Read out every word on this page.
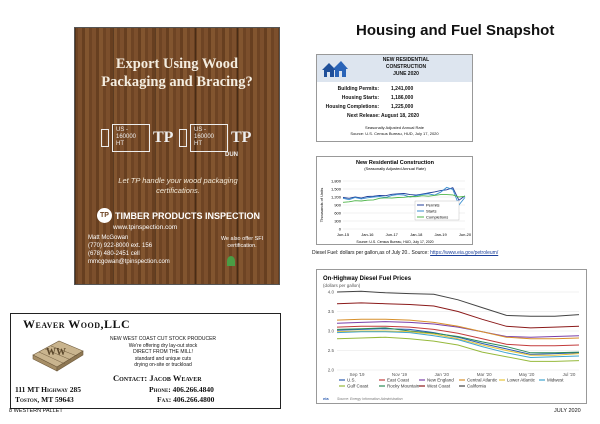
Housing and Fuel Snapshot
Export Using Wood
Packaging and Bracing?
US -
160000
HT	TP	US -
160000
HT	TP
DUN
Let TP handle your wood packaging
certifications.
TP TIMBER PRODUCTS INSPECTION
www.tpinspection.com
Matt McGowan
(770) 922-8000 ext. 156
(678) 480-2451 cell
mmcgowan@tpinspection.com
We also offer SFI
certification.
Weaver Wood,LLC
WW
NEW WEST COAST CUT STOCK PRODUCER
We're offering dry lay-out stock
DIRECT FROM THE MILL!
standard and unique cuts
drying on-site or truckload
Contact: Jacob Weaver
111 MT Highway 285
Toston, MT 59643
Phone: 406.266.4840
Fax: 406.266.4800
NEW RESIDENTIAL
CONSTRUCTION
JUNE 2020
Building Permits: 1,241,000
Housing Starts: 1,186,000
Housing Completions: 1,225,000
Next Release: August 18, 2020
Seasonally Adjusted Annual Rate
Source: U.S. Census Bureau, HUD, July 17, 2020
New Residential Construction
(Seasonally Adjusted Annual Rate)
Thousands of Units
1,800
1,500
1,200
900
600
300
0
Jun-15	Jan-16	Jun-17	Jan-18	Jan-19	Jun-20
Permits
Starts
Completions
Source: U.S. Census Bureau, HUD, July 17, 2020
Diesel Fuel: dollars per gallon,as of July 20.. Source: https://www.eia.gov/petroleum/
On-Highway Diesel Fuel Prices
(dollars per gallon)
4.0
3.5
3.0
2.5
2.0
Sep '19	Nov '19	Jan '20	Mar '20	May '20	Jul '20
U.S.	East Coast	New England	Central Atlantic Lower Atlantic	Midwest
Gulf Coast	Rocky Mountain West Coast	California
eia Source: Energy Information Administration
8 WESTERN PALLET	JULY 2020
